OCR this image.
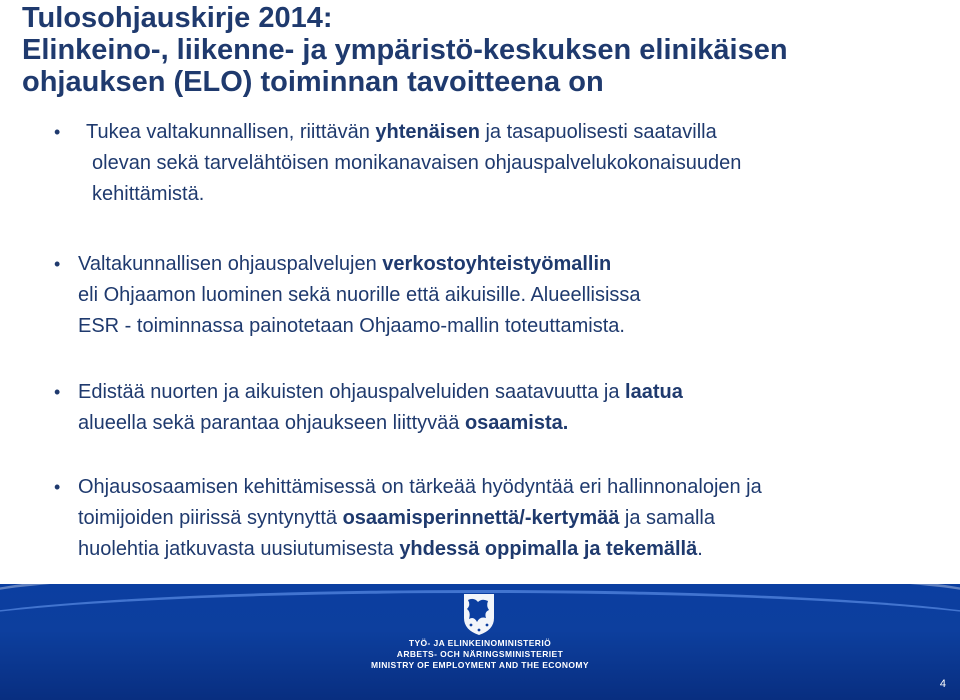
Tulosohjauskirje 2014:
Elinkeino-, liikenne- ja ympäristö-keskuksen elinikäisen
ohjauksen (ELO) toiminnan tavoitteena on
•	Tukea valtakunnallisen, riittävän yhtenäisen ja tasapuolisesti saatavilla
olevan sekä tarvelähtöisen monikanavaisen ohjauspalvelukokonaisuuden
kehittämistä.
• Valtakunnallisen ohjauspalvelujen verkostoyhteistyömallin
eli Ohjaamon luominen sekä nuorille että aikuisille. Alueellisissa
ESR - toiminnassa painotetaan Ohjaamo-mallin toteuttamista.
• Edistää nuorten ja aikuisten ohjauspalveluiden saatavuutta ja laatua
alueella sekä parantaa ohjaukseen liittyvää osaamista.
• Ohjausosaamisen kehittämisessä on tärkeää hyödyntää eri hallinnonalojen ja
toimijoiden piirissä syntynyttä osaamisperinnettä/-kertymää ja samalla
huolehtia jatkuvasta uusiutumisesta yhdessä oppimalla ja tekemällä.
TYÖ- JA ELINKEINOMINISTERIÖ
ARBETS- OCH NÄRINGSMINISTERIET
MINISTRY OF EMPLOYMENT AND THE ECONOMY
4
